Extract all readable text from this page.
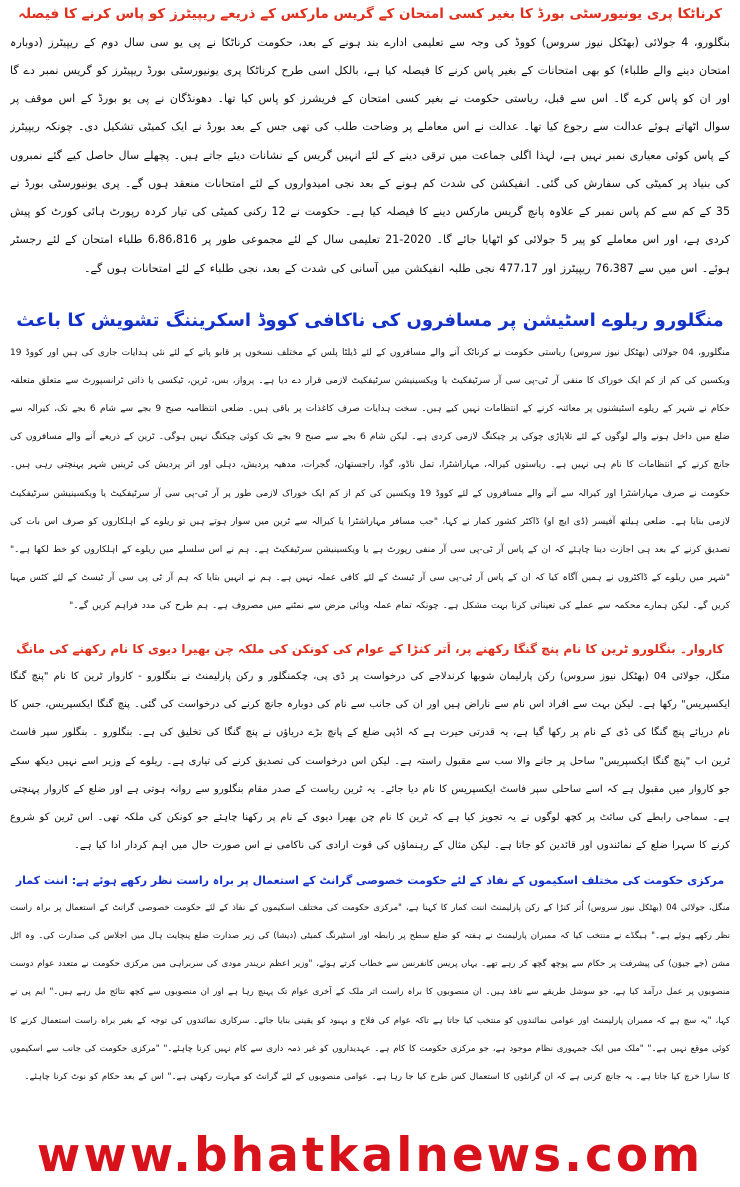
کرناٹکا پری یونیورسٹی بورڈ کا بغیر کسی امتحان کے گریس مارکس کے ذریعے ریپیٹرز کو پاس کرنے کا فیصلہ

بنگلورو، 4 جولائی (بھٹکل نیوز سروس) کووڈ کی وجہ سے تعلیمی ادارے بند ہونے کے بعد، حکومت کرناٹکا نے پی یو سی سال دوم کے ریپیٹرز (دوبارہ امتحان دینے والے طلباء) کو بھی امتحانات کے بغیر پاس کرنے کا فیصلہ کیا ہے، بالکل اسی طرح کرناٹکا پری یونیورسٹی بورڈ ریپیٹرز کو گریس نمبر دے گا اور ان کو پاس کرے گا۔ اس سے قبل، ریاستی حکومت نے بغیر کسی امتحان کے فریشرز کو پاس کیا تھا۔ دھونڈگان نے پی یو بورڈ کے اس موقف پر سوال اٹھاتے ہوئے عدالت سے رجوع کیا تھا۔ عدالت نے اس معاملے پر وضاحت طلب کی تھی جس کے بعد بورڈ نے ایک کمیٹی تشکیل دی۔ چونکہ ریپیٹرز کے پاس کوئی معیاری نمبر نہیں ہے، لہذا اگلی جماعت میں ترقی دینے کے لئے انہیں گریس کے نشانات دیئے جاتے ہیں۔ پچھلے سال حاصل کیے گئے نمبروں کی بنیاد پر کمیٹی کی سفارش کی گئی۔ انفیکشن کی شدت کم ہونے کے بعد نجی امیدواروں کے لئے امتحانات منعقد ہوں گے۔ پری یونیورسٹی بورڈ نے 35 کے کم سے کم پاس نمبر کے علاوہ پانچ گریس مارکس دینے کا فیصلہ کیا ہے۔ حکومت نے 12 رکنی کمیٹی کی تیار کردہ رپورٹ ہائی کورٹ کو پیش کردی ہے، اور اس معاملے کو پیر 5 جولائی کو اٹھایا جائے گا۔ 2020-21 تعلیمی سال کے لئے مجموعی طور پر 6،86،816 طلباء امتحان کے لئے رجسٹر ہوئے۔ اس میں سے 76،387 ریپیٹرز اور 477،17 نجی طلبہ انفیکشن میں آسانی کی شدت کے بعد، نجی طلباء کے لئے امتحانات ہوں گے۔

منگلورو ریلوے اسٹیشن پر مسافروں کی ناکافی کووڈ اسکریننگ تشویش کا باعث

منگلورو، 04 جولائی (بھٹکل نیوز سروس) ریاستی حکومت نے کرناٹک آنے والے مسافروں کے لئے ڈیلٹا پلس کے مختلف نسخوں پر قابو پانے کے لئے نئی ہدایات جاری کی ہیں اور کووڈ 19 ویکسین کی کم از کم ایک خوراک کا منفی آر ٹی-پی سی آر سرٹیفکیٹ یا ویکسینیشن سرٹیفکیٹ لازمی قرار دے دیا ہے۔ پرواز، بس، ٹرین، ٹیکسی یا ذاتی ٹرانسپورٹ سے متعلق متعلقہ حکام نے شہر کے ریلوے اسٹیشنوں پر معائنہ کرنے کے انتظامات نہیں کیے ہیں۔ سخت ہدایات صرف کاغذات پر باقی ہیں۔ ضلعی انتظامیہ صبح 9 بجے سے شام 6 بجے تک، کیرالہ سے ضلع میں داخل ہونے والے لوگوں کے لئے تلاپاڑی چوکی پر چیکنگ لازمی کردی ہے۔ لیکن شام 6 بجے سے صبح 9 بجے تک کوئی چیکنگ نہیں ہوگی۔ ٹرین کے ذریعے آنے والے مسافروں کی جانچ کرنے کے انتظامات کا نام ہی نہیں ہے۔ ریاستوں کیرالہ، مہاراشٹرا، تمل ناڈو، گوا، راجستھان، گجرات، مدھیہ پردیش، دہلی اور اتر پردیش کی ٹرینیں شہر پہنچتی رہی ہیں۔ حکومت نے صرف مہاراشٹرا اور کیرالہ سے آنے والے مسافروں کے لئے کووڈ 19 ویکسین کی کم از کم ایک خوراک لازمی طور پر آر ٹی-پی سی آر سرٹیفکیٹ یا ویکسینیشن سرٹیفکیٹ لازمی بنایا ہے۔ ضلعی ہیلتھ آفیسر (ڈی ایچ او) ڈاکٹر کشور کمار نے کہا، "جب مسافر مہاراشٹرا یا کیرالہ سے ٹرین میں سوار ہوتے ہیں تو ریلوے کے اہلکاروں کو صرف اس بات کی تصدیق کرنے کے بعد ہی اجازت دینا چاہئے کہ ان کے پاس آر ٹی-پی سی آر منفی رپورٹ ہے یا ویکسینیشن سرٹیفکیٹ ہے۔ ہم نے اس سلسلے میں ریلوے کے اہلکاروں کو خط لکھا ہے۔" "شہر میں ریلوے کے ڈاکٹروں نے ہمیں آگاہ کیا کہ ان کے پاس آر ٹی-پی سی آر ٹیسٹ کے لئے کافی عملہ نہیں ہے۔ ہم نے انہیں بتایا کہ ہم آر ٹی پی سی آر ٹیسٹ کے لئے کٹس مہیا کریں گے۔ لیکن ہمارے محکمہ سے عملے کی تعیناتی کرنا بہت مشکل ہے۔ چونکہ تمام عملہ وبائی مرض سے نمٹنے میں مصروف ہے۔ ہم طرح کی مدد فراہم کریں گے۔"

کاروار۔ بنگلورو ٹرین کا نام پنچ گنگا رکھنے پر، اُتر کنڑا کے عوام کی کونکن کی ملکہ چن بھیرا دیوی کا نام رکھنے کی مانگ

منگل، جولائی 04 (بھٹکل نیوز سروس) رکن پارلیمان شوبھا کرندلاجے کی درخواست پر ڈی پی، چکمنگلور و رکن پارلیمنٹ نے بنگلورو - کاروار ٹرین کا نام "پنچ گنگا ایکسپریس" رکھا ہے۔ لیکن بہت سے افراد اس نام سے ناراض ہیں اور ان کی جانب سے نام کی دوبارہ جانچ کرنے کی درخواست کی گئی۔ پنچ گنگا ایکسپریس، جس کا نام دریائے پنچ گنگا کی ڈی کے نام پر رکھا گیا ہے، یہ قدرتی حیرت ہے کہ اڈپی ضلع کے پانچ بڑے دریاؤں نے پنچ گنگا کی تخلیق کی ہے۔ بنگلورو ۔ بنگلور سپر فاسٹ ٹرین اب "پنچ گنگا ایکسپریس" ساحل پر جانے والا سب سے مقبول راستہ ہے۔ لیکن اس درخواست کی تصدیق کرنے کی تیاری ہے۔ ریلوے کے وزیر اسے نہیں دیکھ سکے جو کاروار میں مقبول ہے کہ اسے ساحلی سپر فاسٹ ایکسپریس کا نام دیا جائے۔ یہ ٹرین ریاست کے صدر مقام بنگلورو سے روانہ ہوتی ہے اور ضلع کے کاروار پہنچتی ہے۔ سماجی رابطے کی سائٹ پر کچھ لوگوں نے یہ تجویز کیا ہے کہ ٹرین کا نام چن بھیرا دیوی کے نام پر رکھنا چاہئے جو کونکن کی ملکہ تھی۔ اس ٹرین کو شروع کرنے کا سہرا ضلع کے نمائندوں اور قائدین کو جاتا ہے۔ لیکن مثال کے رہنماؤں کی قوت ارادی کی ناکامی نے اس صورت حال میں اہم کردار ادا کیا ہے۔

مرکزی حکومت کی مختلف اسکیموں کے نفاذ کے لئے حکومت خصوصی گرانٹ کے استعمال پر براہ راست نظر رکھے ہوئے ہے: اننت کمار

منگل، جولائی 04 (بھٹکل نیوز سروس) اُتر کنڑا کے رکن پارلیمنٹ اننت کمار کا کہنا ہے، "مرکزی حکومت کی مختلف اسکیموں کے نفاذ کے لئے حکومت خصوصی گرانٹ کے استعمال پر براہ راست نظر رکھے ہوئے ہے۔" ہیگڈے نے منتخب کیا کہ ممبران پارلیمنٹ نے ہفتہ کو ضلع سطح پر رابطہ اور اسٹیرنگ کمیٹی (دیشا) کی زیر صدارت ضلع پنچایت ہال میں اجلاس کی صدارت کی۔ وہ اٹل مشن (جے جیوَن) کی پیشرفت پر حکام سے پوچھ گچھ کر رہے تھے۔ یہاں پریس کانفرنس سے خطاب کرتے ہوئے، "وزیر اعظم نریندر مودی کی سربراہی میں مرکزی حکومت نے متعدد عوام دوست منصوبوں پر عمل درآمد کیا ہے، جو سوشل طریقے سے نافذ ہیں۔ ان منصوبوں کا براہ راست اثر ملک کے آخری عوام تک پہنچ رہا ہے اور ان منصوبوں سے کچھ نتائج مل رہے ہیں۔" ایم پی نے کہا، "یہ سچ ہے کہ ممبران پارلیمنٹ اور عوامی نمائندوں کو منتخب کیا جاتا ہے تاکہ عوام کی فلاح و بہبود کو یقینی بنایا جائے۔ سرکاری نمائندوں کی توجہ کے بغیر براہ راست استعمال کرنے کا کوئی موقع نہیں ہے۔" "ملک میں ایک جمہوری نظام موجود ہے، جو مرکزی حکومت کا کام ہے۔ عہدیداروں کو غیر ذمہ داری سے کام نہیں کرنا چاہئے۔" "مرکزی حکومت کی جانب سے اسکیموں کا سارا خرچ کیا جاتا ہے۔ یہ جانچ کرنی ہے کہ ان گرانٹوں کا استعمال کس طرح کیا جا رہا ہے۔ عوامی منصوبوں کے لئے گرانٹ کو مہارت رکھنی ہے۔" اس کے بعد حکام کو نوٹ کرنا چاہئے۔

www.bhatkalnews.com
